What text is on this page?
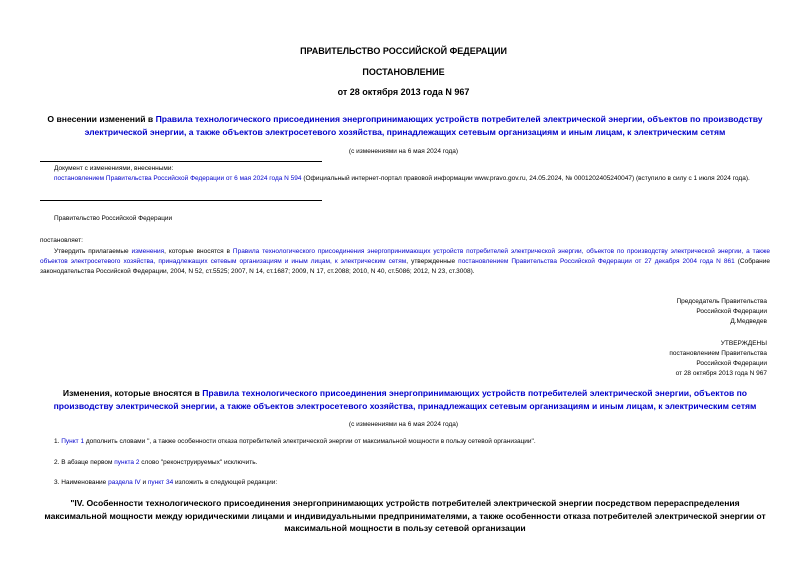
ПРАВИТЕЛЬСТВО РОССИЙСКОЙ ФЕДЕРАЦИИ
ПОСТАНОВЛЕНИЕ
от 28 октября 2013 года N 967
О внесении изменений в Правила технологического присоединения энергопринимающих устройств потребителей электрической энергии, объектов по производству электрической энергии, а также объектов электросетевого хозяйства, принадлежащих сетевым организациям и иным лицам, к электрическим сетям
(с изменениями на 6 мая 2024 года)
Документ с изменениями, внесенными:
постановлением Правительства Российской Федерации от 6 мая 2024 года N 594 (Официальный интернет-портал правовой информации www.pravo.gov.ru, 24.05.2024, № 0001202405240047) (вступило в силу с 1 июля 2024 года).
Правительство Российской Федерации
постановляет:
Утвердить прилагаемые изменения, которые вносятся в Правила технологического присоединения энергопринимающих устройств потребителей электрической энергии, объектов по производству электрической энергии, а также объектов электросетевого хозяйства, принадлежащих сетевым организациям и иным лицам, к электрическим сетям, утвержденные постановлением Правительства Российской Федерации от 27 декабря 2004 года N 861 (Собрание законодательства Российской Федерации, 2004, N 52, ст.5525; 2007, N 14, ст.1687; 2009, N 17, ст.2088; 2010, N 40, ст.5086; 2012, N 23, ст.3008).
Председатель Правительства
Российской Федерации
Д.Медведев
УТВЕРЖДЕНЫ
постановлением Правительства
Российской Федерации
от 28 октября 2013 года N 967
Изменения, которые вносятся в Правила технологического присоединения энергопринимающих устройств потребителей электрической энергии, объектов по производству электрической энергии, а также объектов электросетевого хозяйства, принадлежащих сетевым организациям и иным лицам, к электрическим сетям
(с изменениями на 6 мая 2024 года)
1. Пункт 1 дополнить словами ", а также особенности отказа потребителей электрической энергии от максимальной мощности в пользу сетевой организации".
2. В абзаце первом пункта 2 слово "реконструируемых" исключить.
3. Наименование раздела IV и пункт 34 изложить в следующей редакции:
"IV. Особенности технологического присоединения энергопринимающих устройств потребителей электрической энергии посредством перераспределения максимальной мощности между юридическими лицами и индивидуальными предпринимателями, а также особенности отказа потребителей электрической энергии от максимальной мощности в пользу сетевой организации
